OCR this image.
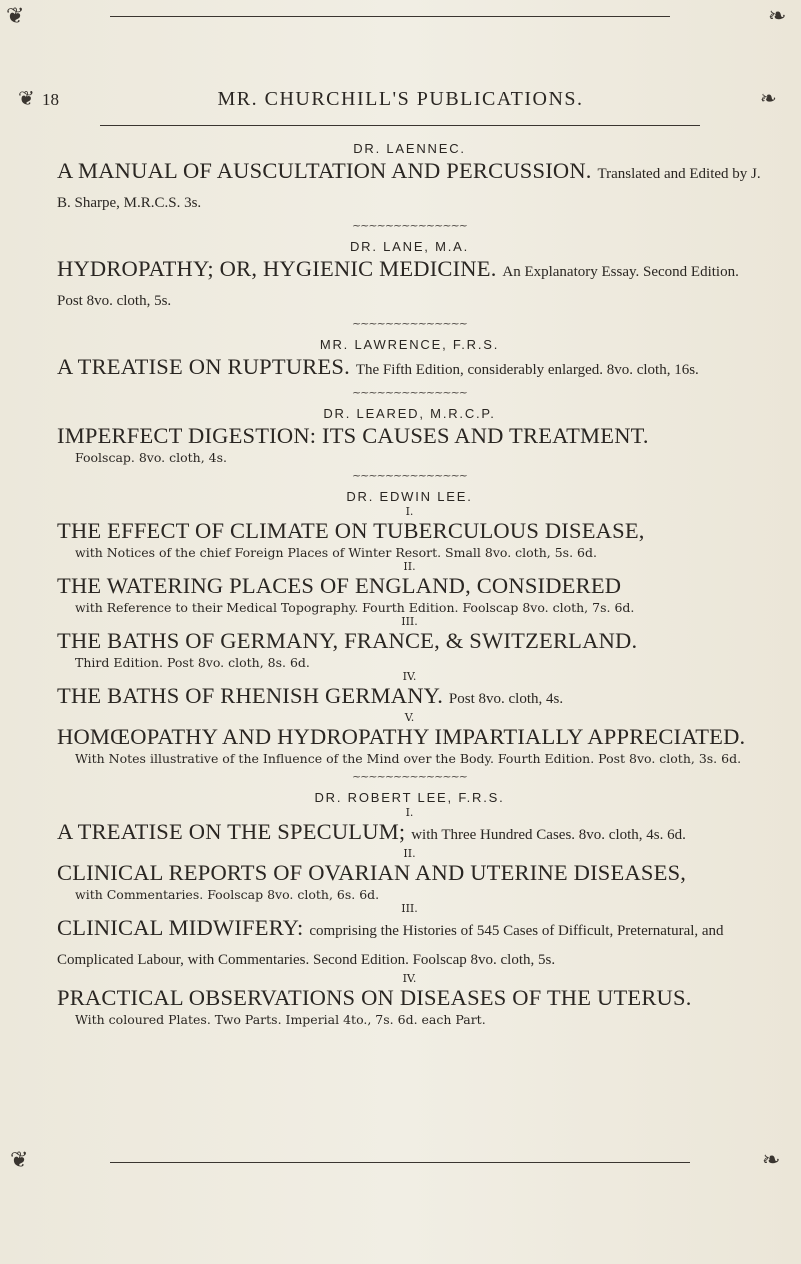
❦	❧
❦	❧
18	MR. CHURCHILL'S PUBLICATIONS.

DR. LAENNEC.

A MANUAL OF AUSCULTATION AND PERCUSSION. Translated and Edited by J. B. Sharpe, M.R.C.S. 3s.

~~~~~~~~~~~~~~

DR. LANE, M.A.

HYDROPATHY; OR, HYGIENIC MEDICINE. An Explanatory Essay. Second Edition. Post 8vo. cloth, 5s.

~~~~~~~~~~~~~~

MR. LAWRENCE, F.R.S.

A TREATISE ON RUPTURES. The Fifth Edition, considerably enlarged. 8vo. cloth, 16s.

~~~~~~~~~~~~~~

DR. LEARED, M.R.C.P.

IMPERFECT DIGESTION: ITS CAUSES AND TREATMENT.

Foolscap. 8vo. cloth, 4s.

~~~~~~~~~~~~~~

DR. EDWIN LEE.

I.

THE EFFECT OF CLIMATE ON TUBERCULOUS DISEASE,

with Notices of the chief Foreign Places of Winter Resort. Small 8vo. cloth, 5s. 6d.

II.

THE WATERING PLACES OF ENGLAND, CONSIDERED

with Reference to their Medical Topography. Fourth Edition. Foolscap 8vo. cloth, 7s. 6d.

III.

THE BATHS OF GERMANY, FRANCE, & SWITZERLAND.

Third Edition. Post 8vo. cloth, 8s. 6d.

IV.

THE BATHS OF RHENISH GERMANY. Post 8vo. cloth, 4s.

V.

HOMŒOPATHY AND HYDROPATHY IMPARTIALLY APPRECIATED.

With Notes illustrative of the Influence of the Mind over the Body. Fourth Edition. Post 8vo. cloth, 3s. 6d.

~~~~~~~~~~~~~~

DR. ROBERT LEE, F.R.S.

I.

A TREATISE ON THE SPECULUM; with Three Hundred Cases. 8vo. cloth, 4s. 6d.

II.

CLINICAL REPORTS OF OVARIAN AND UTERINE DISEASES,

with Commentaries. Foolscap 8vo. cloth, 6s. 6d.

III.

CLINICAL MIDWIFERY: comprising the Histories of 545 Cases of Difficult, Preternatural, and Complicated Labour, with Commentaries. Second Edition. Foolscap 8vo. cloth, 5s.

IV.

PRACTICAL OBSERVATIONS ON DISEASES OF THE UTERUS.

With coloured Plates. Two Parts. Imperial 4to., 7s. 6d. each Part.

❦	❧
